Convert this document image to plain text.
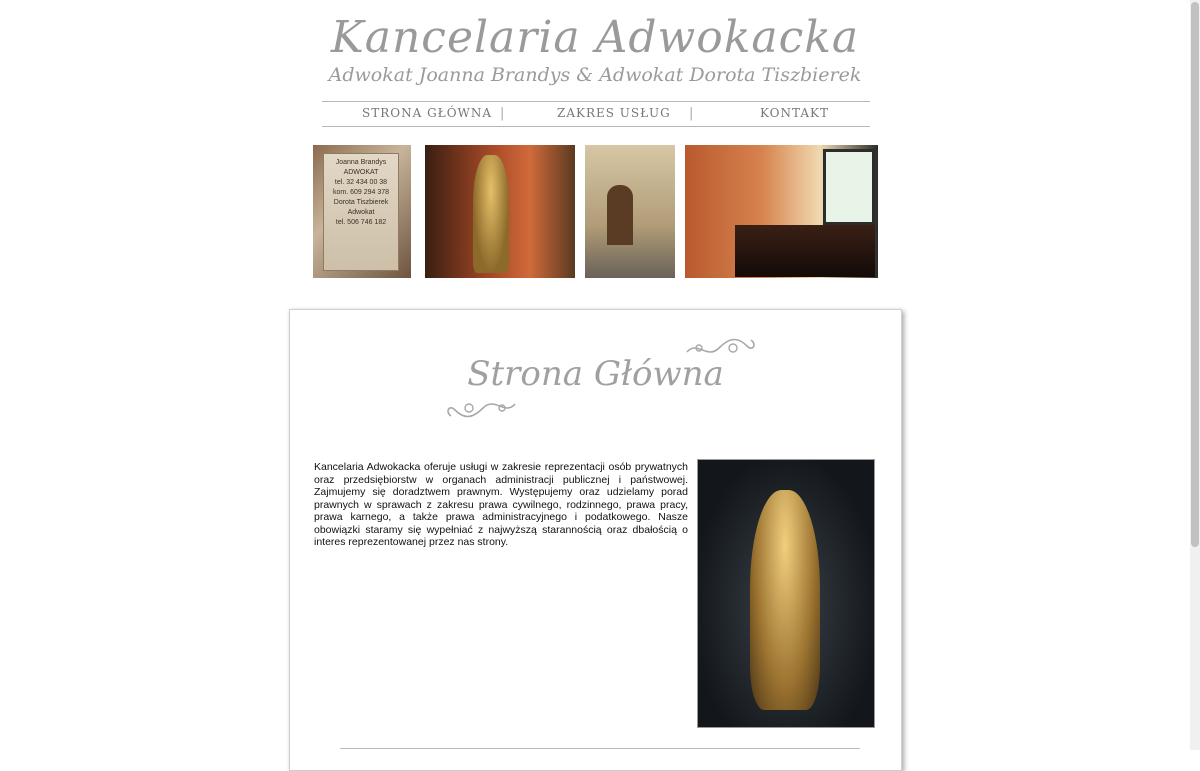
Kancelaria Adwokacka
Adwokat Joanna Brandys & Adwokat Dorota Tiszbierek
STRONA GŁÓWNA |	ZAKRES USŁUG |	KONTAKT
Joanna Brandys
ADWOKAT
tel. 32 434 00 38
kom. 609 294 378
Dorota Tiszbierek
Adwokat
tel. 506 746 182
Strona Główna

Kancelaria Adwokacka oferuje usługi w zakresie reprezentacji osób prywatnych oraz przedsiębiorstw w organach administracji publicznej i państwowej. Zajmujemy się doradztwem prawnym. Występujemy oraz udzielamy porad prawnych w sprawach z zakresu prawa cywilnego, rodzinnego, prawa pracy, prawa karnego, a także prawa administracyjnego i podatkowego. Nasze obowiązki staramy się wypełniać z najwyższą starannością oraz dbałością o interes reprezentowanej przez nas strony.
